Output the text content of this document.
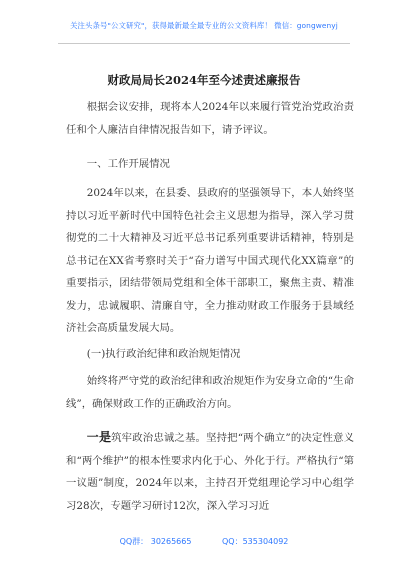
关注头条号"公文研究"，获得最新最全最专业的公文资料库！ 微信：gongwenyj
财政局局长2024年至今述责述廉报告
根据会议安排，现将本人2024年以来履行管党治党政治责任和个人廉洁自律情况报告如下，请予评议。
一、工作开展情况
2024年以来，在县委、县政府的坚强领导下，本人始终坚持以习近平新时代中国特色社会主义思想为指导，深入学习贯彻党的二十大精神及习近平总书记系列重要讲话精神，特别是总书记在XX省考察时关于“奋力谱写中国式现代化XX篇章”的重要指示，团结带领局党组和全体干部职工，聚焦主责、精准发力，忠诚履职、清廉自守，全力推动财政工作服务于县域经济社会高质量发展大局。
(一)执行政治纪律和政治规矩情况
始终将严守党的政治纪律和政治规矩作为安身立命的“生命线”，确保财政工作的正确政治方向。
一是筑牢政治忠诚之基。坚持把“两个确立”的决定性意义和“两个维护”的根本性要求内化于心、外化于行。严格执行“第一议题”制度，2024年以来，主持召开党组理论学习中心组学习28次，专题学习研讨12次，深入学习习近
QQ群： 30265665	QQ：535304092
